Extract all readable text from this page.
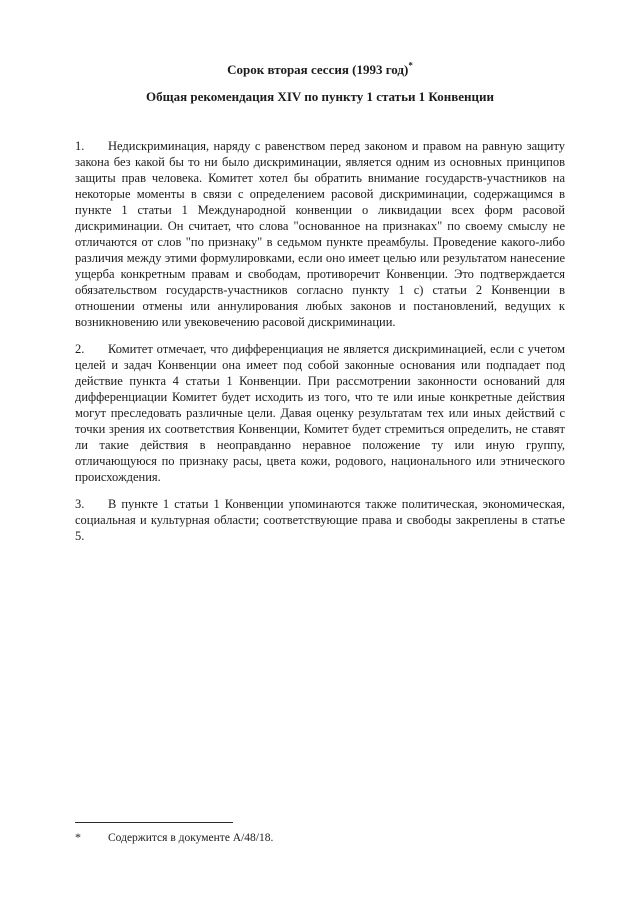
Сорок вторая сессия (1993 год)*
Общая рекомендация XIV по пункту 1 статьи 1 Конвенции

1. Недискриминация, наряду с равенством перед законом и правом на равную защиту закона без какой бы то ни было дискриминации, является одним из основных принципов защиты прав человека. Комитет хотел бы обратить внимание государств-участников на некоторые моменты в связи с определением расовой дискриминации, содержащимся в пункте 1 статьи 1 Международной конвенции о ликвидации всех форм расовой дискриминации. Он считает, что слова "основанное на признаках" по своему смыслу не отличаются от слов "по признаку" в седьмом пункте преамбулы. Проведение какого-либо различия между этими формулировками, если оно имеет целью или результатом нанесение ущерба конкретным правам и свободам, противоречит Конвенции. Это подтверждается обязательством государств-участников согласно пункту 1 с) статьи 2 Конвенции в отношении отмены или аннулирования любых законов и постановлений, ведущих к возникновению или увековечению расовой дискриминации.

2. Комитет отмечает, что дифференциация не является дискриминацией, если с учетом целей и задач Конвенции она имеет под собой законные основания или подпадает под действие пункта 4 статьи 1 Конвенции. При рассмотрении законности оснований для дифференциации Комитет будет исходить из того, что те или иные конкретные действия могут преследовать различные цели. Давая оценку результатам тех или иных действий с точки зрения их соответствия Конвенции, Комитет будет стремиться определить, не ставят ли такие действия в неоправданно неравное положение ту или иную группу, отличающуюся по признаку расы, цвета кожи, родового, национального или этнического происхождения.

3. В пункте 1 статьи 1 Конвенции упоминаются также политическая, экономическая, социальная и культурная области; соответствующие права и свободы закреплены в статье 5.

* Содержится в документе A/48/18.
